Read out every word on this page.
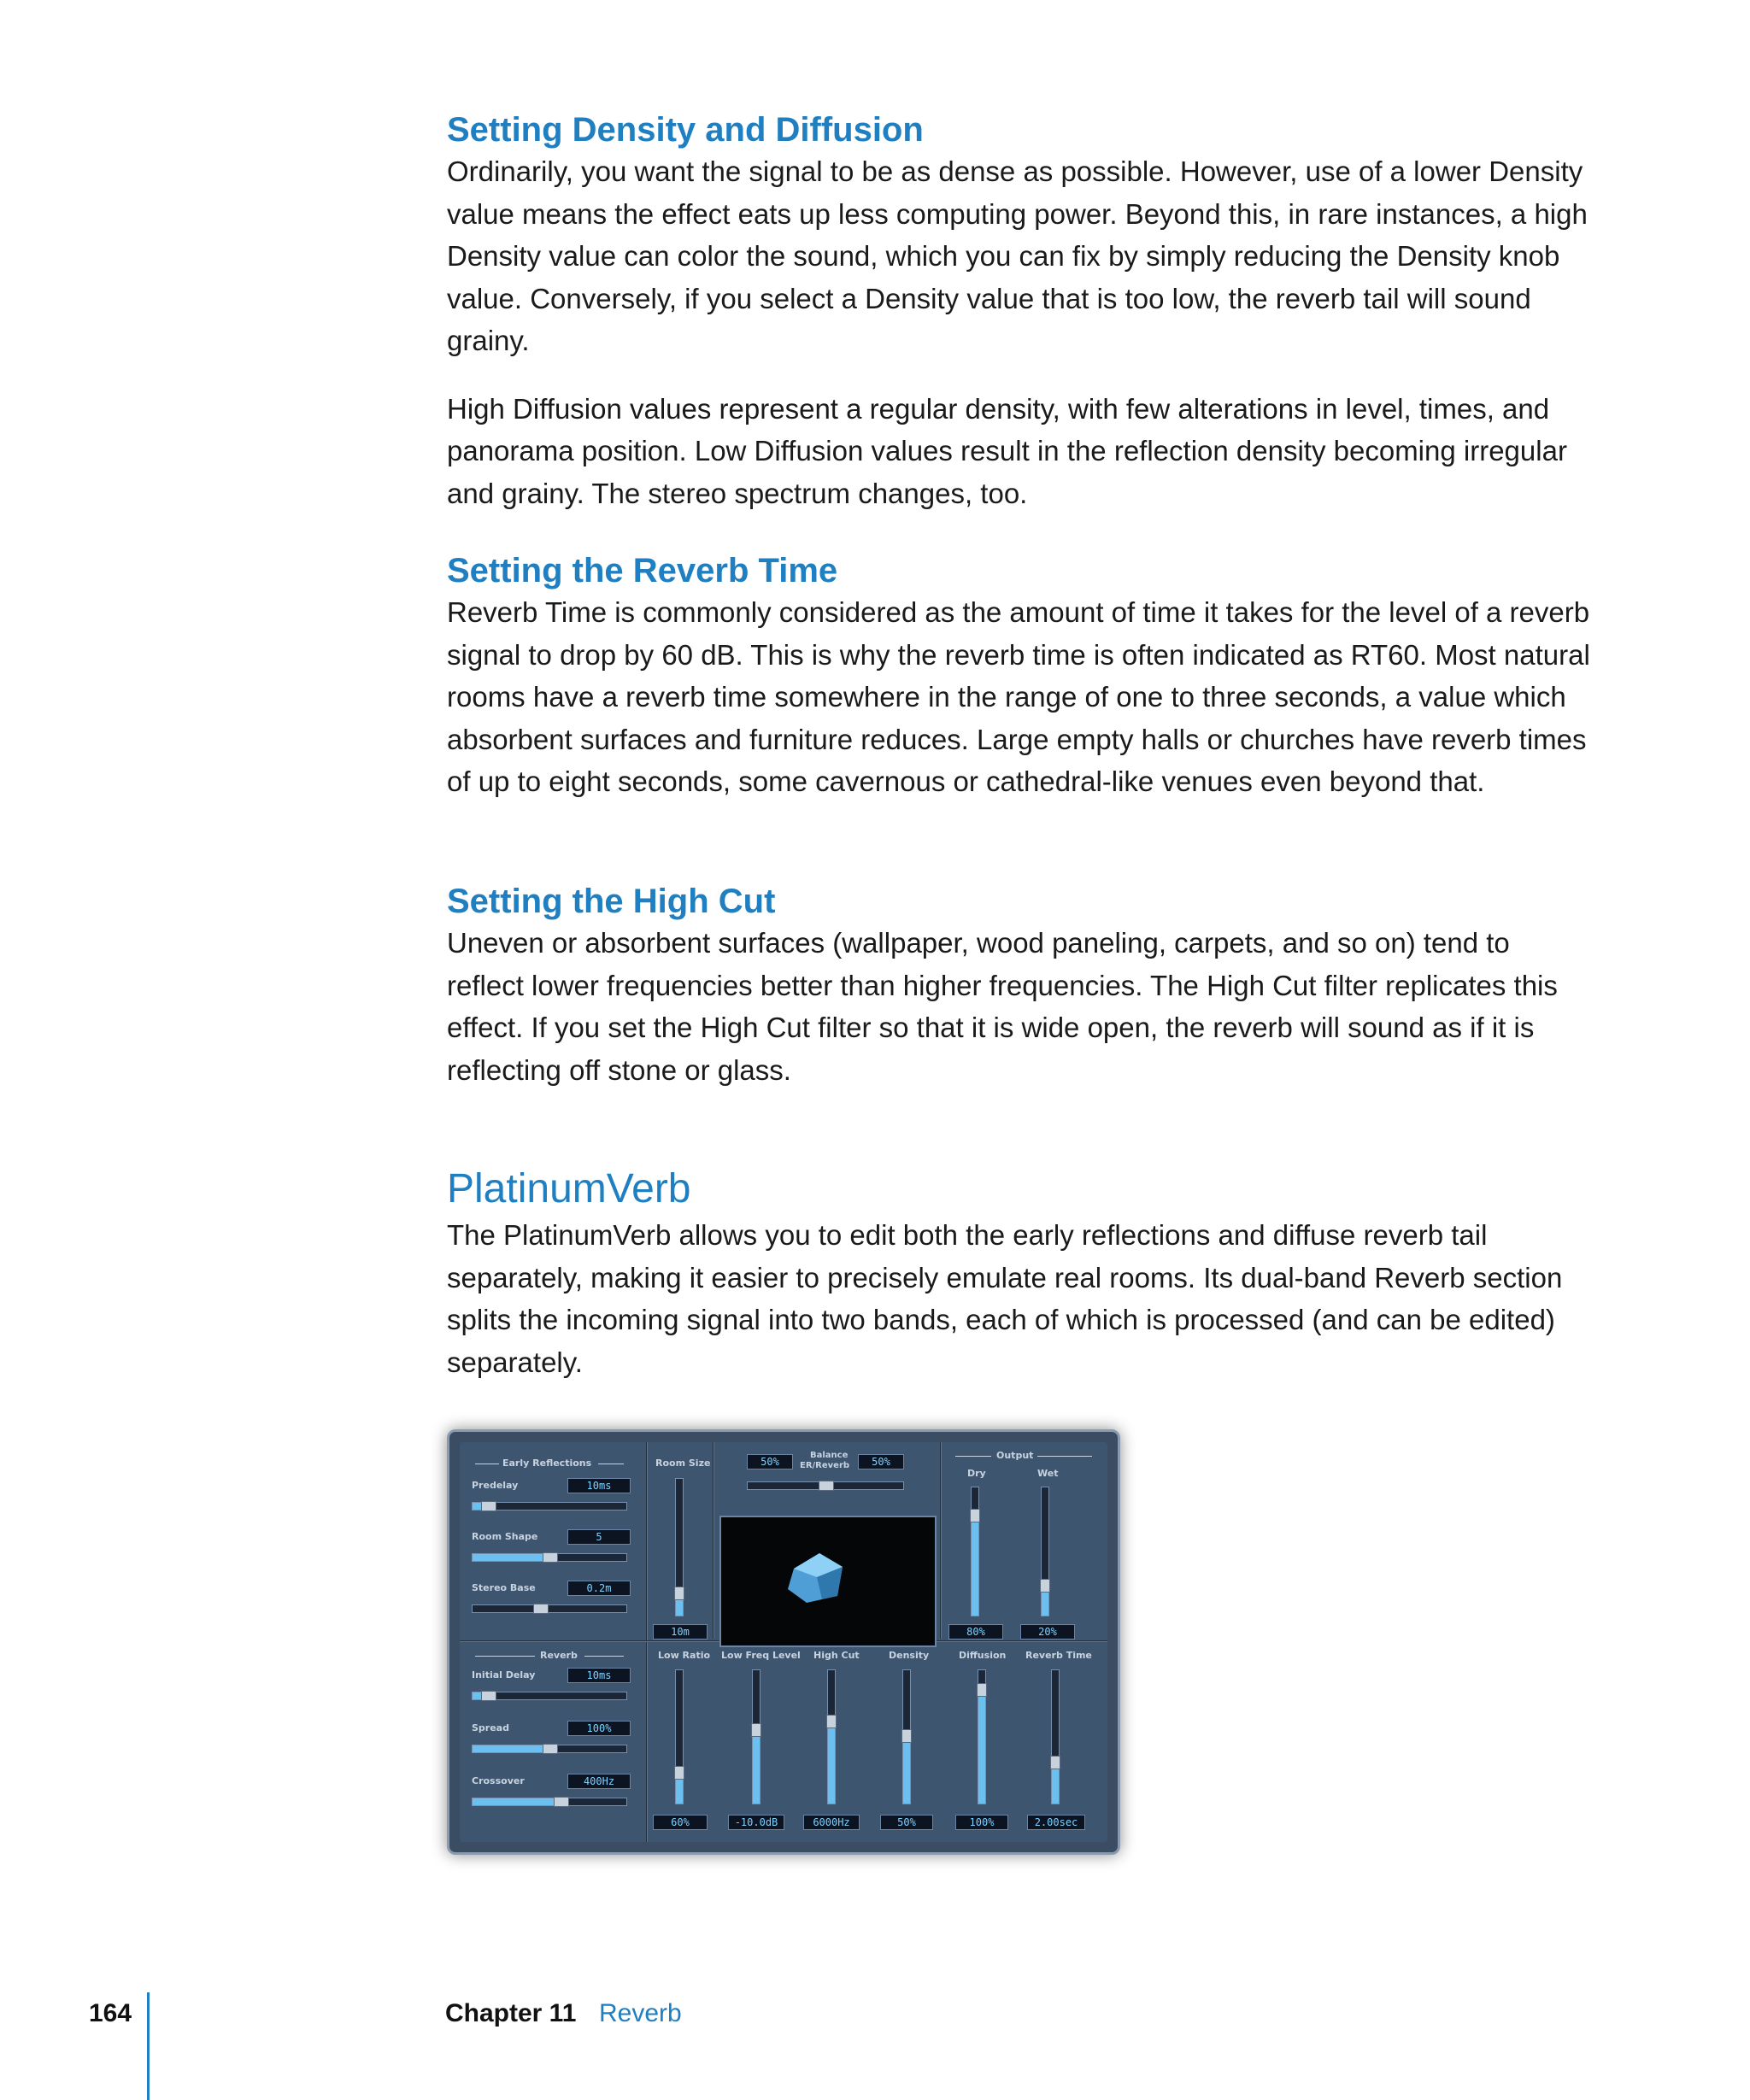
Setting Density and Diffusion

Ordinarily, you want the signal to be as dense as possible. However, use of a lower Density value means the effect eats up less computing power. Beyond this, in rare instances, a high Density value can color the sound, which you can fix by simply reducing the Density knob value. Conversely, if you select a Density value that is too low, the reverb tail will sound grainy.

High Diffusion values represent a regular density, with few alterations in level, times, and panorama position. Low Diffusion values result in the reflection density becoming irregular and grainy. The stereo spectrum changes, too.

Setting the Reverb Time

Reverb Time is commonly considered as the amount of time it takes for the level of a reverb signal to drop by 60 dB. This is why the reverb time is often indicated as RT60. Most natural rooms have a reverb time somewhere in the range of one to three seconds, a value which absorbent surfaces and furniture reduces. Large empty halls or churches have reverb times of up to eight seconds, some cavernous or cathedral-like venues even beyond that.

Setting the High Cut

Uneven or absorbent surfaces (wallpaper, wood paneling, carpets, and so on) tend to reflect lower frequencies better than higher frequencies. The High Cut filter replicates this effect. If you set the High Cut filter so that it is wide open, the reverb will sound as if it is reflecting off stone or glass.

PlatinumVerb

The PlatinumVerb allows you to edit both the early reflections and diffuse reverb tail separately, making it easier to precisely emulate real rooms. Its dual-band Reverb section splits the incoming signal into two bands, each of which is processed (and can be edited) separately.

Early Reflections
Predelay	10ms
Room Shape	5
Stereo Base	0.2m
Room Size
10m
50%
Balance
ER/Reverb	50%
Output
Dry	Wet
80%	20%
Reverb
Initial Delay	10ms
Spread	100%
Crossover	400Hz
Low Ratio
60%
Low Freq Level
-10.0dB
High Cut
6000Hz
Density
50%
Diffusion
100%
Reverb Time
2.00sec
164	Chapter 11 Reverb
